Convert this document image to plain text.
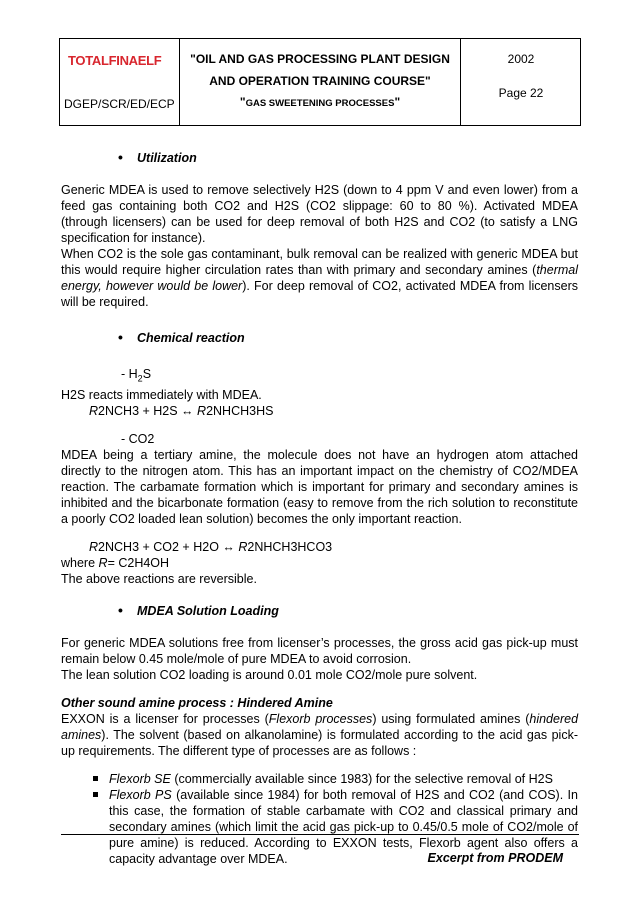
TOTALFINAELF
DGEP/SCR/ED/ECP
"OIL AND GAS PROCESSING PLANT DESIGN
AND OPERATION TRAINING COURSE"
"GAS SWEETENING PROCESSES"
2002
Page 22
• Utilization

Generic MDEA is used to remove selectively H2S (down to 4 ppm V and even lower) from a feed gas containing both CO2 and H2S (CO2 slippage: 60 to 80 %). Activated MDEA (through licensers) can be used for deep removal of both H2S and CO2 (to satisfy a LNG specification for instance).

When CO2 is the sole gas contaminant, bulk removal can be realized with generic MDEA but this would require higher circulation rates than with primary and secondary amines (thermal energy, however would be lower). For deep removal of CO2, activated MDEA from licensers will be required.

• Chemical reaction
- $H_2S$

H2S reacts immediately with MDEA.

R2NCH3 + H2S ↔ R2NHCH3HS

- CO2

MDEA being a tertiary amine, the molecule does not have an hydrogen atom attached directly to the nitrogen atom. This has an important impact on the chemistry of CO2/MDEA reaction. The carbamate formation which is important for primary and secondary amines is inhibited and the bicarbonate formation (easy to remove from the rich solution to reconstitute a poorly CO2 loaded lean solution) becomes the only important reaction.

R2NCH3 + CO2 + H2O ↔ R2NHCH3HCO3

where R= C2H4OH

The above reactions are reversible.

• MDEA Solution Loading

For generic MDEA solutions free from licenser’s processes, the gross acid gas pick-up must remain below 0.45 mole/mole of pure MDEA to avoid corrosion.

The lean solution CO2 loading is around 0.01 mole CO2/mole pure solvent.

Other sound amine process : Hindered Amine

EXXON is a licenser for processes (Flexorb processes) using formulated amines (hindered amines). The solvent (based on alkanolamine) is formulated according to the acid gas pick-up requirements. The different type of processes are as follows :

Flexorb SE (commercially available since 1983) for the selective removal of H2S
Flexorb PS (available since 1984) for both removal of H2S and CO2 (and COS). In this case, the formation of stable carbamate with CO2 and classical primary and secondary amines (which limit the acid gas pick-up to 0.45/0.5 mole of CO2/mole of pure amine) is reduced. According to EXXON tests, Flexorb agent also offers a capacity advantage over MDEA.	Excerpt from PRODEM
